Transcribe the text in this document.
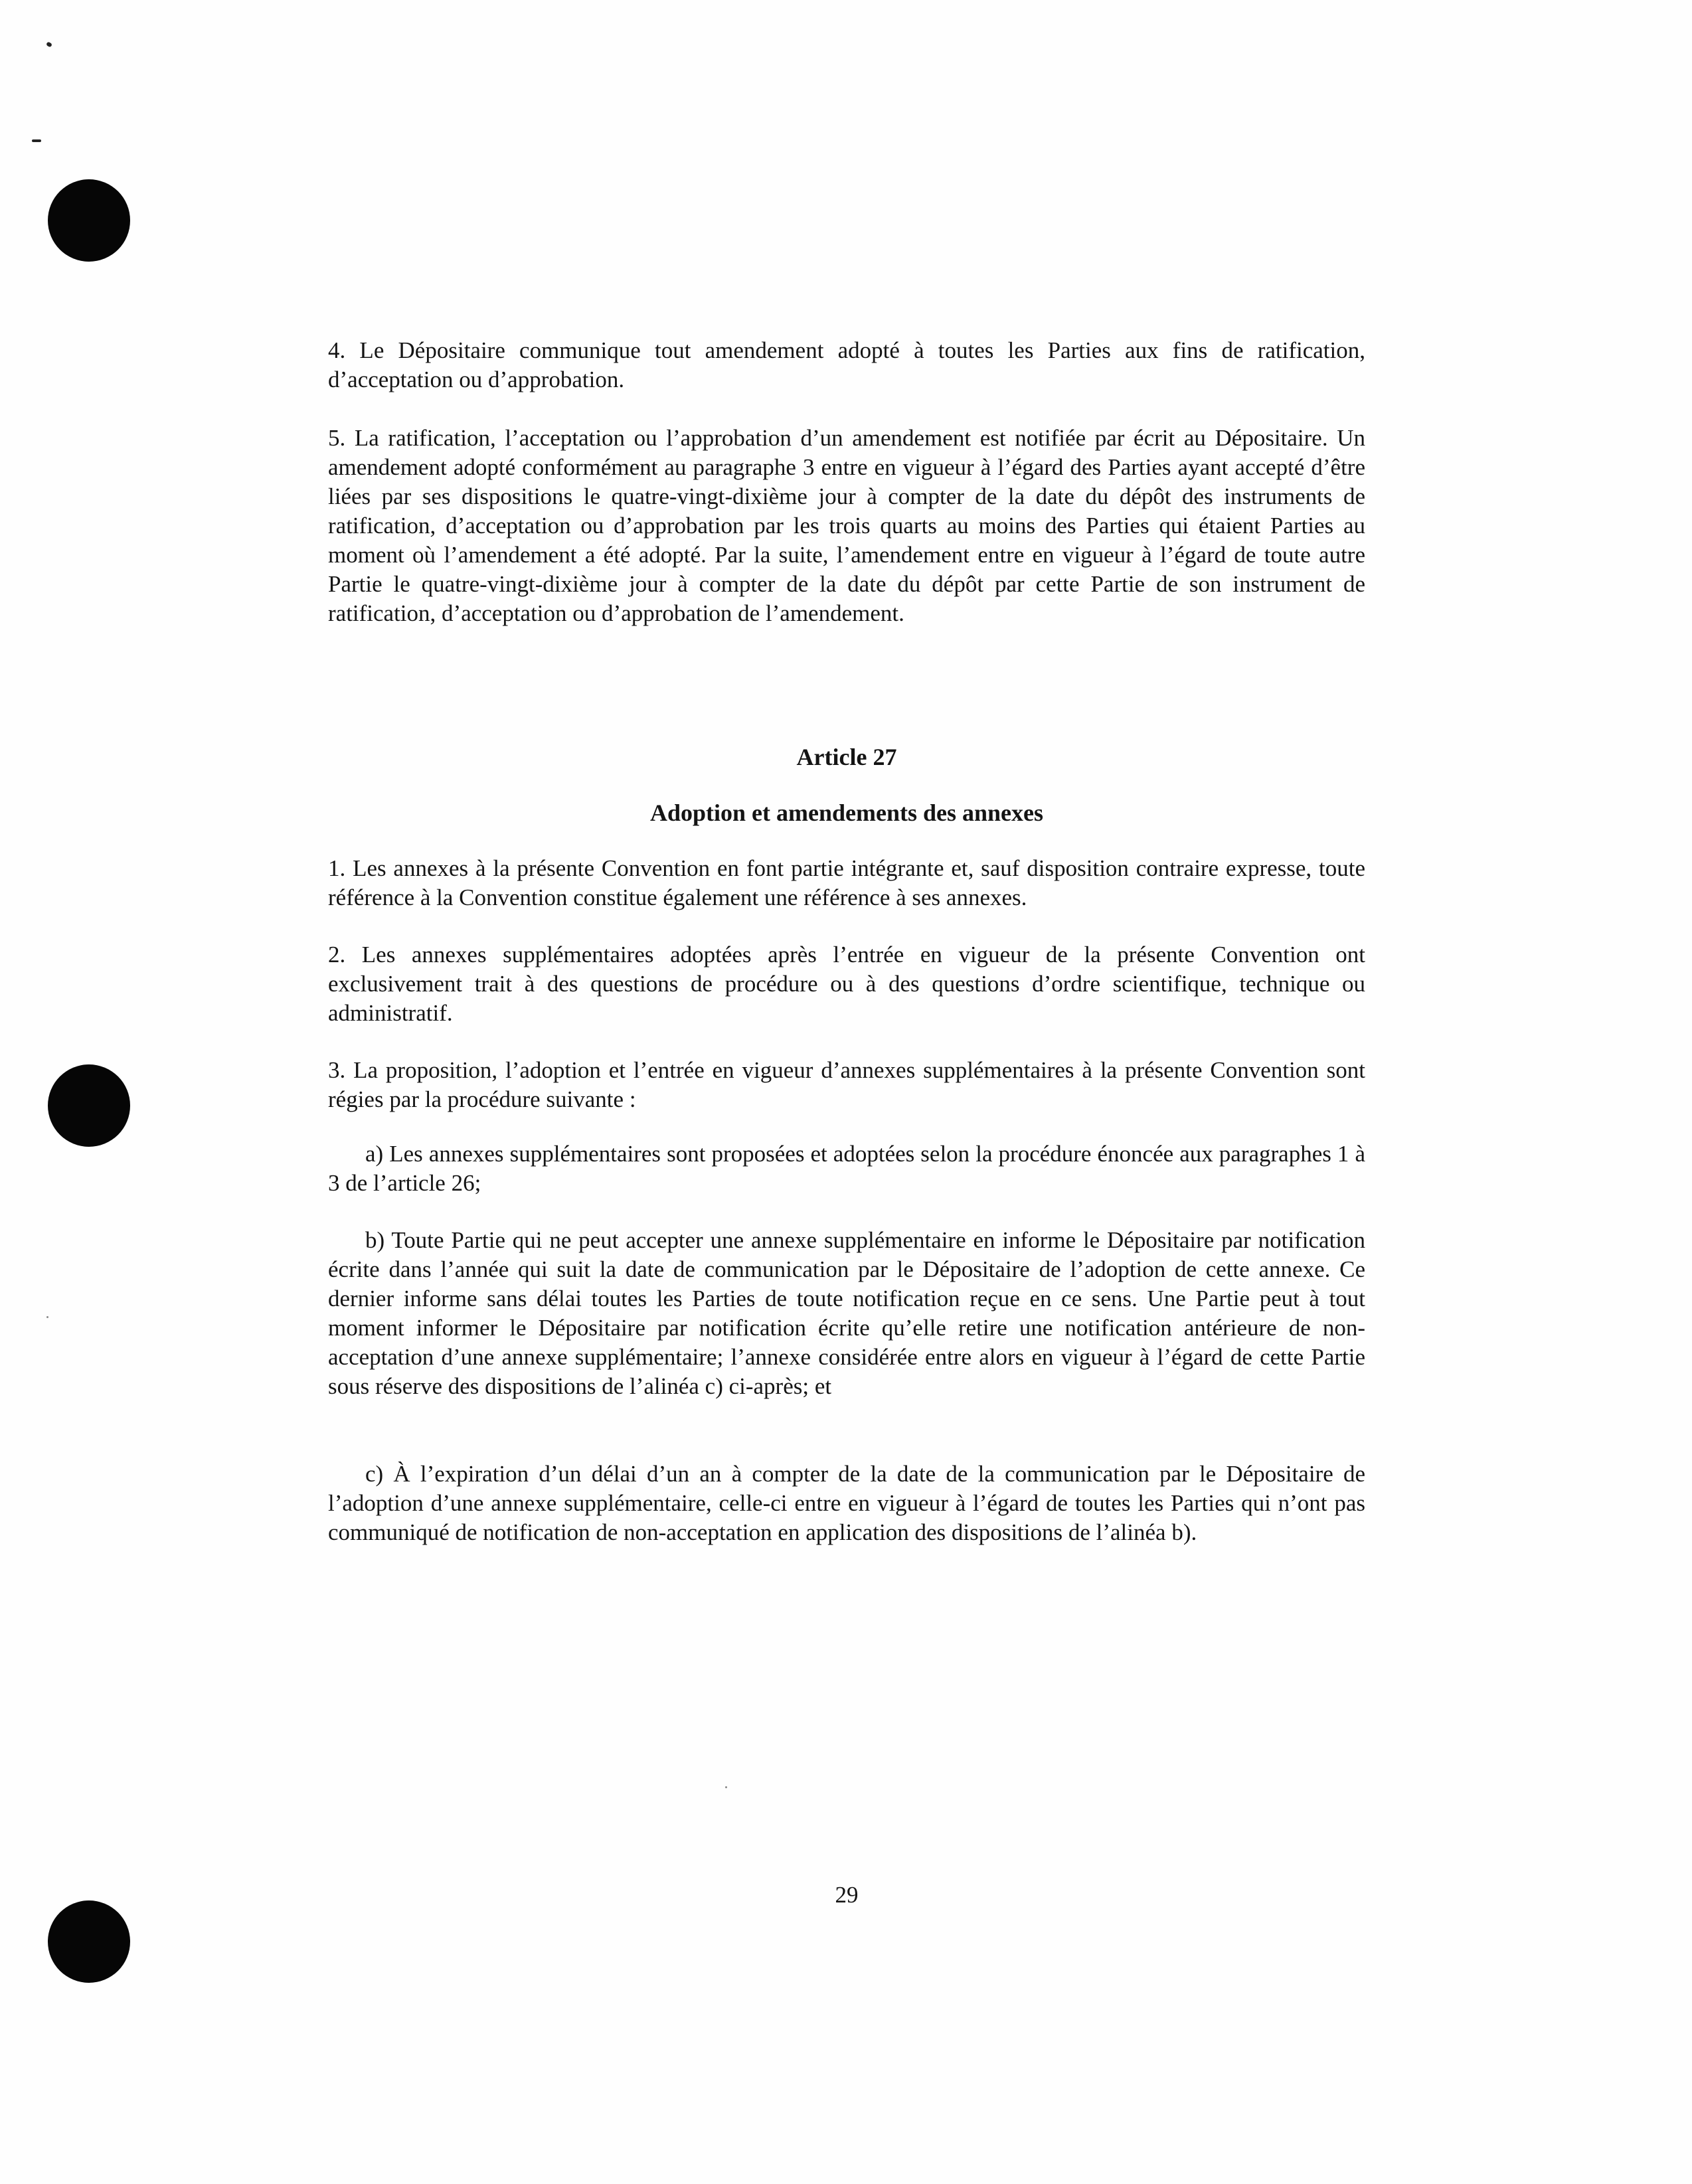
4. Le Dépositaire communique tout amendement adopté à toutes les Parties aux fins de ratification, d’acceptation ou d’approbation.

5. La ratification, l’acceptation ou l’approbation d’un amendement est notifiée par écrit au Dépositaire. Un amendement adopté conformément au paragraphe 3 entre en vigueur à l’égard des Parties ayant accepté d’être liées par ses dispositions le quatre-vingt-dixième jour à compter de la date du dépôt des instruments de ratification, d’acceptation ou d’approbation par les trois quarts au moins des Parties qui étaient Parties au moment où l’amendement a été adopté. Par la suite, l’amendement entre en vigueur à l’égard de toute autre Partie le quatre-vingt-dixième jour à compter de la date du dépôt par cette Partie de son instrument de ratification, d’acceptation ou d’approbation de l’amendement.

Article 27
Adoption et amendements des annexes

1. Les annexes à la présente Convention en font partie intégrante et, sauf disposition contraire expresse, toute référence à la Convention constitue également une référence à ses annexes.

2. Les annexes supplémentaires adoptées après l’entrée en vigueur de la présente Convention ont exclusivement trait à des questions de procédure ou à des questions d’ordre scientifique, technique ou administratif.

3. La proposition, l’adoption et l’entrée en vigueur d’annexes supplémentaires à la présente Convention sont régies par la procédure suivante :

a) Les annexes supplémentaires sont proposées et adoptées selon la procédure énoncée aux paragraphes 1 à 3 de l’article 26;

b) Toute Partie qui ne peut accepter une annexe supplémentaire en informe le Dépositaire par notification écrite dans l’année qui suit la date de communication par le Dépositaire de l’adoption de cette annexe. Ce dernier informe sans délai toutes les Parties de toute notification reçue en ce sens. Une Partie peut à tout moment informer le Dépositaire par notification écrite qu’elle retire une notification antérieure de non-acceptation d’une annexe supplémentaire; l’annexe considérée entre alors en vigueur à l’égard de cette Partie sous réserve des dispositions de l’alinéa c) ci-après; et

c) À l’expiration d’un délai d’un an à compter de la date de la communication par le Dépositaire de l’adoption d’une annexe supplémentaire, celle-ci entre en vigueur à l’égard de toutes les Parties qui n’ont pas communiqué de notification de non-acceptation en application des dispositions de l’alinéa b).

29
